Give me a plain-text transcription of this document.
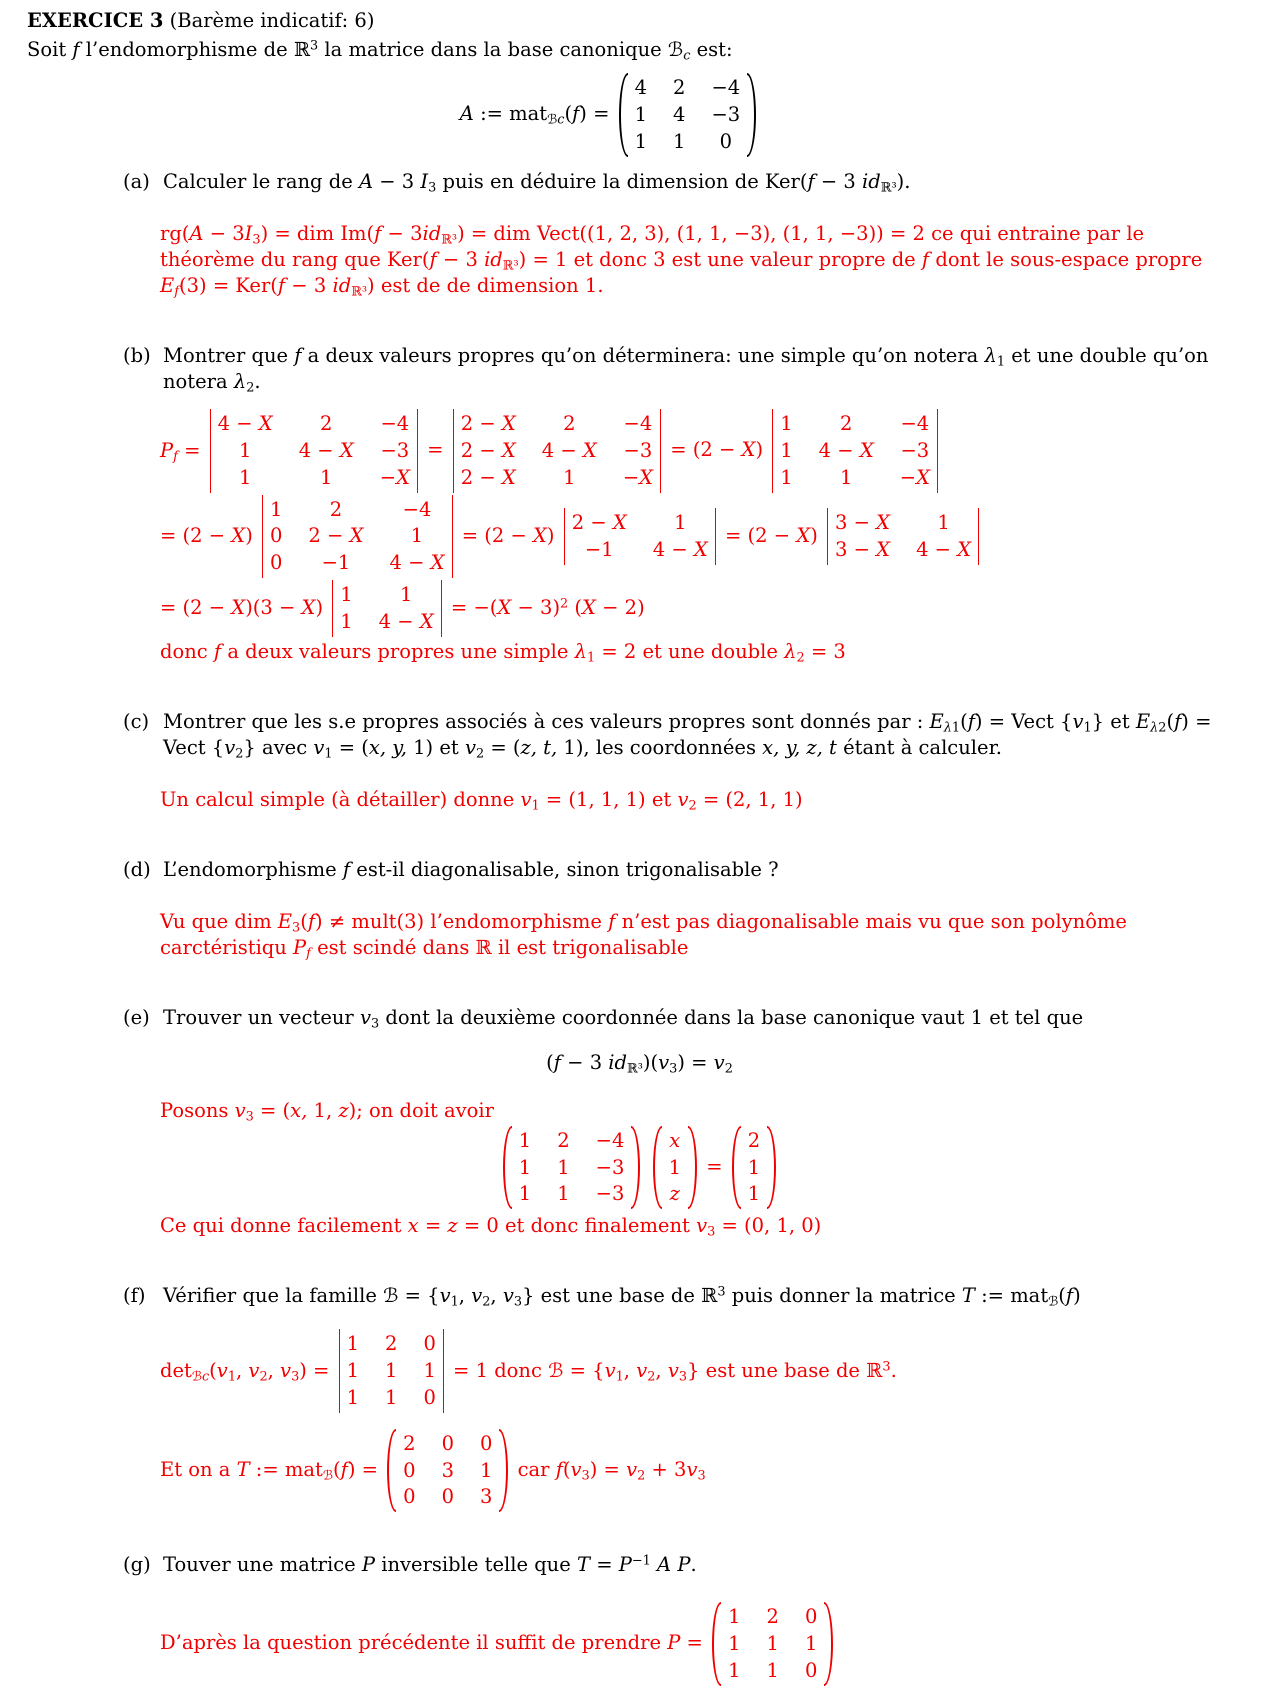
EXERCICE 3 (Barème indicatif: 6)
Soit f l’endomorphisme de ℝ$^3$ la matrice dans la base canonique ℬ$_c$ est:
A := mat$_{ℬc}$(f) =
4 2 −4
1 4 −3
1 1	0
(a) Calculer le rang de A − 3 $I_3$ puis en déduire la dimension de Ker(f − 3 $id_{ℝ^3}$).
$rg(A - 3I_3)$ = dim $Im(f - 3id_{ℝ^3})$ = dim Vect((1, 2, 3), (1, 1, −3), (1, 1, −3)) = 2 ce qui entraine par le théorème du rang que Ker(f − 3 $id_{ℝ^3}) = 1$ et donc 3 est une valeur propre de f dont le sous-espace propre $E_f(3) = Ker(f - 3$ $id_{ℝ^3}$) est de de dimension 1.
(b) Montrer que f a deux valeurs propres qu’on déterminera: une simple qu’on notera $\lambda_1$ et une double qu’on notera $\lambda_2$.
$P_f$ =
4 − X	2	−4
1	4 − X −3
1	1	−X
=
2 − X	2	−4
2 − X 4 − X −3
2 − X	1	−X
= (2 − X)
1	2	−4
1 4 − X −3
1	1	−X
= (2 − X)
1	2	−4
0 2 − X	1
0	−1	4 − X
= (2 − X)
2 − X	1
−1	4 − X
= (2 − X)
3 − X	1
3 − X 4 − X
= (2 − X)(3 − X)
1	1
1 4 − X
= $-(X - 3)^2$ (X − 2)
donc f a deux valeurs propres une simple $\lambda_1 = 2$ et une double $\lambda_2 = 3$
(c) Montrer que les s.e propres associés à ces valeurs propres sont donnés par : $E_{\lambda 1}(f)$ = Vect $\{v_1\}$ et $E_{\lambda 2}(f)$ = Vect $\{v_2\}$ avec $v_1 = (x$, y, 1) et $v_2 = (z$, t, 1), les coordonnées x, y, z, t étant à calculer.
Un calcul simple (à détailler) donne $v_1 = (1$, 1, 1) et $v_2 = (2$, 1, 1)
(d) L’endomorphisme f est-il diagonalisable, sinon trigonalisable ?
Vu que dim $E_3(f)$ ≠ mult(3) l’endomorphisme f n’est pas diagonalisable mais vu que son polynôme carctéristiqu $P_f$ est scindé dans ℝ il est trigonalisable
(e) Trouver un vecteur $v_3$ dont la deuxième coordonnée dans la base canonique vaut 1 et tel que
(f − 3 $id_{ℝ^3})(v_3) = v_2$
Posons $v_3 = (x$, 1, z); on doit avoir
1 2 −4
1 1 −3
1 1 −3

x
1
z
=
2
1
1
Ce qui donne facilement x = z = 0 et donc finalement $v_3 = (0$, 1, 0)
(f) Vérifier que la famille ℬ = {$v_1$, $v_2$, $v_3$} est une base de ℝ$^3$ puis donner la matrice T := mat$_ℬ$(f)
$\det_{ℬc}(v_1$, $v_2$, $v_3$) =
1 2 0
1 1 1
1 1 0
= 1 donc ℬ = {$v_1$, $v_2$, $v_3$} est une base de ℝ$^3$.
Et on a T := mat$_ℬ$(f) =
2 0 0
0 3 1
0 0 3
car $f(v_3) = v_2 + 3v_3$
(g) Touver une matrice P inversible telle que $T = P^{-1}$ A P.
D’après la question précédente il suffit de prendre P =
1 2 0
1 1 1
1 1 0
